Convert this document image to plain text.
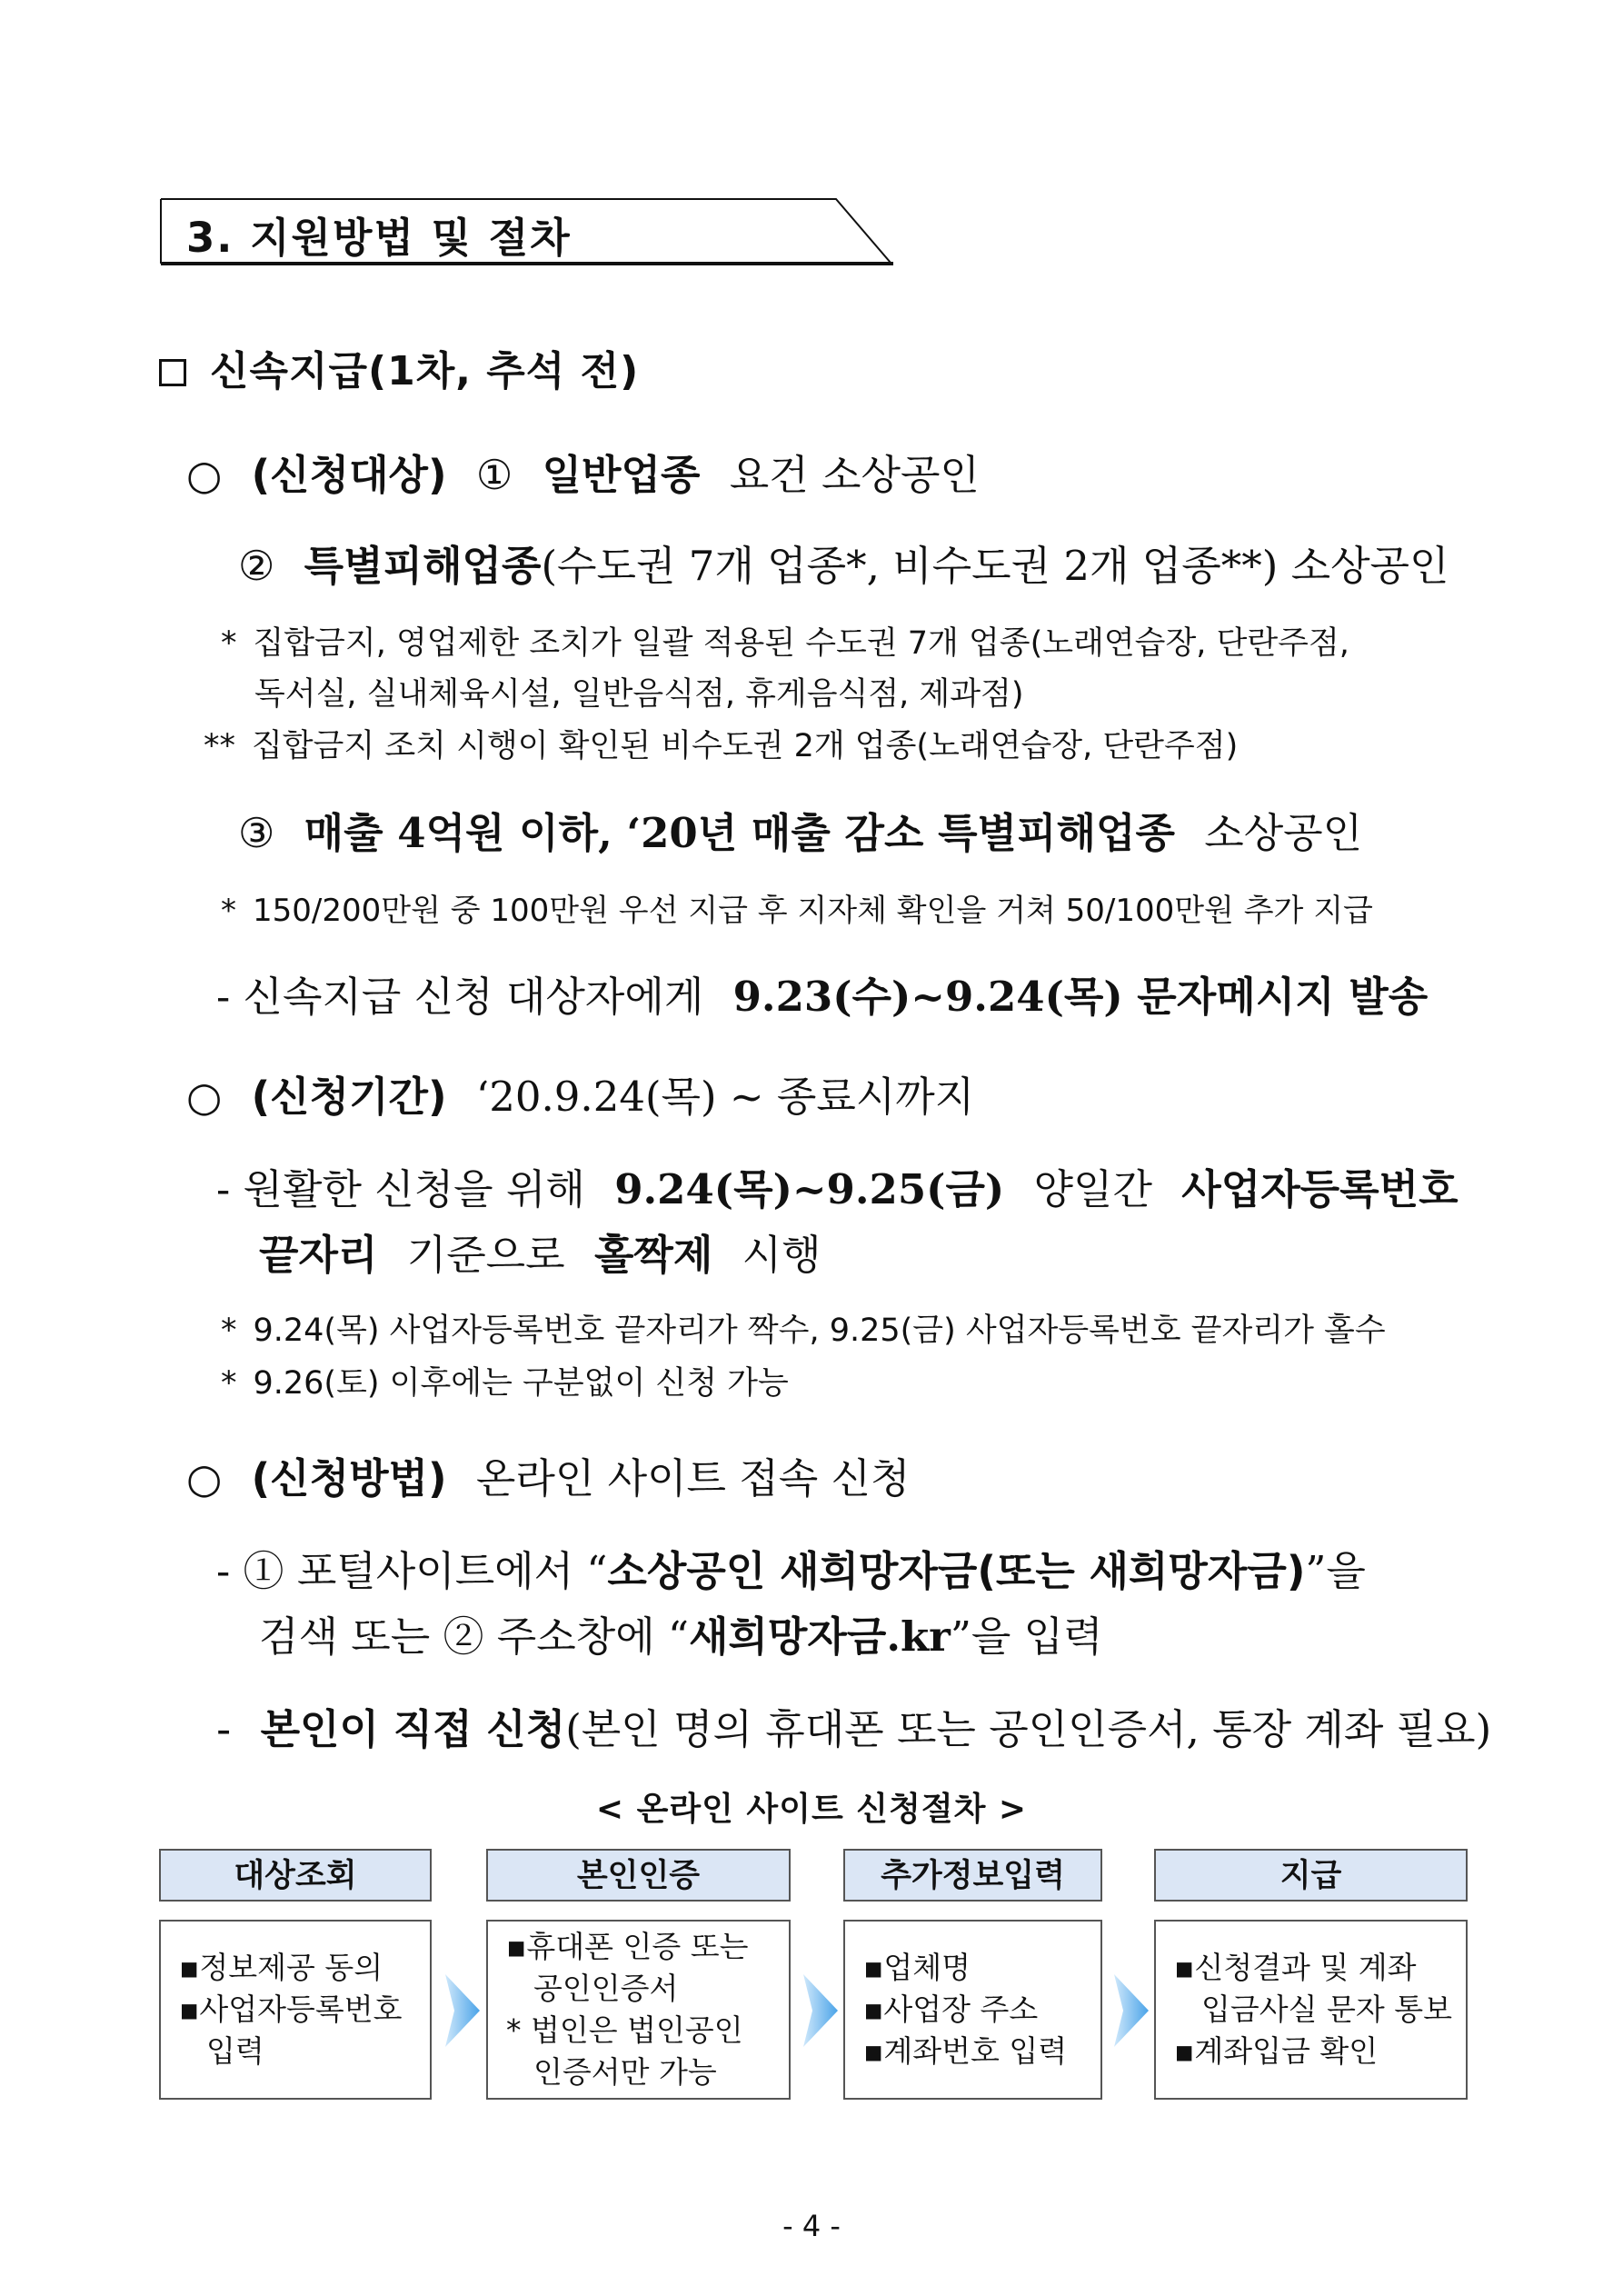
3. 지원방법 및 절차
신속지급(1차, 추석 전)
○ (신청대상) ① 일반업종 요건 소상공인
② 특별피해업종(수도권 7개 업종*, 비수도권 2개 업종**) 소상공인
* 집합금지, 영업제한 조치가 일괄 적용된 수도권 7개 업종(노래연습장, 단란주점,
독서실, 실내체육시설, 일반음식점, 휴게음식점, 제과점)
** 집합금지 조치 시행이 확인된 비수도권 2개 업종(노래연습장, 단란주점)
③ 매출 4억원 이하, ‘20년 매출 감소 특별피해업종 소상공인
* 150/200만원 중 100만원 우선 지급 후 지자체 확인을 거쳐 50/100만원 추가 지급
- 신속지급 신청 대상자에게 9.23(수)~9.24(목) 문자메시지 발송
○ (신청기간) ‘20.9.24(목) ~ 종료시까지
- 원활한 신청을 위해 9.24(목)~9.25(금) 양일간 사업자등록번호
끝자리 기준으로 홀짝제 시행
* 9.24(목) 사업자등록번호 끝자리가 짝수, 9.25(금) 사업자등록번호 끝자리가 홀수
* 9.26(토) 이후에는 구분없이 신청 가능
○ (신청방법) 온라인 사이트 접속 신청
- ① 포털사이트에서 “소상공인 새희망자금(또는 새희망자금)”을
검색 또는 ② 주소창에 “새희망자금.kr”을 입력
- 본인이 직접 신청(본인 명의 휴대폰 또는 공인인증서, 통장 계좌 필요)
< 온라인 사이트 신청절차 >
대상조회	본인인증	추가정보입력	지급
▪정보제공 동의
▪사업자등록번호
입력
▪휴대폰 인증 또는
공인인증서
* 법인은 법인공인
인증서만 가능
▪업체명
▪사업장 주소
▪계좌번호 입력
▪신청결과 및 계좌
입금사실 문자 통보
▪계좌입금 확인
- 4 -
